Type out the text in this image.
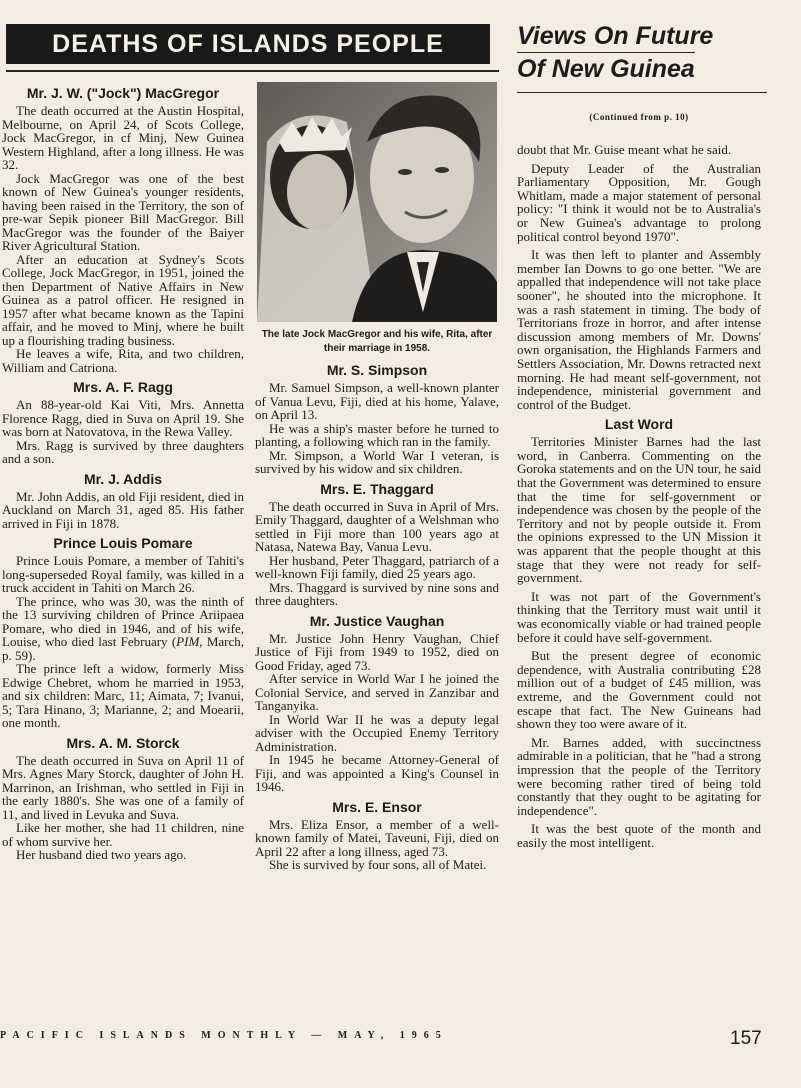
DEATHS OF ISLANDS PEOPLE	Views On Future
Of New Guinea
(Continued from p. 10)
Mr. J. W. ("Jock") MacGregor

The death occurred at the Austin Hospital, Melbourne, on April 24, of Scots College, Jock MacGregor, in cf Minj, New Guinea Western Highland, after a long illness. He was 32.

Jock MacGregor was one of the best known of New Guinea's younger residents, having been raised in the Territory, the son of pre-war Sepik pioneer Bill MacGregor. Bill MacGregor was the founder of the Baiyer River Agricultural Station.

After an education at Sydney's Scots College, Jock MacGregor, in 1951, joined the then Department of Native Affairs in New Guinea as a patrol officer. He resigned in 1957 after what became known as the Tapini affair, and he moved to Minj, where he built up a flourishing trading business.

He leaves a wife, Rita, and two children, William and Catriona.

Mrs. A. F. Ragg

An 88-year-old Kai Viti, Mrs. Annetta Florence Ragg, died in Suva on April 19. She was born at Natovatova, in the Rewa Valley.

Mrs. Ragg is survived by three daughters and a son.

Mr. J. Addis

Mr. John Addis, an old Fiji resident, died in Auckland on March 31, aged 85. His father arrived in Fiji in 1878.

Prince Louis Pomare

Prince Louis Pomare, a member of Tahiti's long-superseded Royal family, was killed in a truck accident in Tahiti on March 26.

The prince, who was 30, was the ninth of the 13 surviving children of Prince Ariipaea Pomare, who died in 1946, and of his wife, Louise, who died last February (PIM, March, p. 59).

The prince left a widow, formerly Miss Edwige Chebret, whom he married in 1953, and six children: Marc, 11; Aimata, 7; Ivanui, 5; Tara Hinano, 3; Marianne, 2; and Moearii, one month.

Mrs. A. M. Storck

The death occurred in Suva on April 11 of Mrs. Agnes Mary Storck, daughter of John H. Marrinon, an Irishman, who settled in Fiji in the early 1880's. She was one of a family of 11, and lived in Levuka and Suva.

Like her mother, she had 11 children, nine of whom survive her.

Her husband died two years ago.

The late Jock MacGregor and his wife, Rita, after their marriage in 1958.
Mr. S. Simpson

Mr. Samuel Simpson, a well-known planter of Vanua Levu, Fiji, died at his home, Yalave, on April 13.

He was a ship's master before he turned to planting, a following which ran in the family.

Mr. Simpson, a World War I veteran, is survived by his widow and six children.

Mrs. E. Thaggard

The death occurred in Suva in April of Mrs. Emily Thaggard, daughter of a Welshman who settled in Fiji more than 100 years ago at Natasa, Natewa Bay, Vanua Levu.

Her husband, Peter Thaggard, patriarch of a well-known Fiji family, died 25 years ago.

Mrs. Thaggard is survived by nine sons and three daughters.

Mr. Justice Vaughan

Mr. Justice John Henry Vaughan, Chief Justice of Fiji from 1949 to 1952, died on Good Friday, aged 73.

After service in World War I he joined the Colonial Service, and served in Zanzibar and Tanganyika.

In World War II he was a deputy legal adviser with the Occupied Enemy Territory Administration.

In 1945 he became Attorney-General of Fiji, and was appointed a King's Counsel in 1946.

Mrs. E. Ensor

Mrs. Eliza Ensor, a member of a well-known family of Matei, Taveuni, Fiji, died on April 22 after a long illness, aged 73.

She is survived by four sons, all of Matei.

doubt that Mr. Guise meant what he said.

Deputy Leader of the Australian Parliamentary Opposition, Mr. Gough Whitlam, made a major statement of personal policy: "I think it would not be to Australia's or New Guinea's advantage to prolong political control beyond 1970".

It was then left to planter and Assembly member Ian Downs to go one better. "We are appalled that independence will not take place sooner", he shouted into the microphone. It was a rash statement in timing. The body of Territorians froze in horror, and after intense discussion among members of Mr. Downs' own organisation, the Highlands Farmers and Settlers Association, Mr. Downs retracted next morning. He had meant self-government, not independence, ministerial government and control of the Budget.

Last Word

Territories Minister Barnes had the last word, in Canberra. Commenting on the Goroka statements and on the UN tour, he said that the Government was determined to ensure that the time for self-government or independence was chosen by the people of the Territory and not by people outside it. From the opinions expressed to the UN Mission it was apparent that the people thought at this stage that they were not ready for self-government.

It was not part of the Government's thinking that the Territory must wait until it was economically viable or had trained people before it could have self-government.

But the present degree of economic dependence, with Australia contributing £28 million out of a budget of £45 million, was extreme, and the Government could not escape that fact. The New Guineans had shown they too were aware of it.

Mr. Barnes added, with succinctness admirable in a politician, that he "had a strong impression that the people of the Territory were becoming rather tired of being told constantly that they ought to be agitating for independence".

It was the best quote of the month and easily the most intelligent.

PACIFIC ISLANDS MONTHLY — MAY, 1965	157
